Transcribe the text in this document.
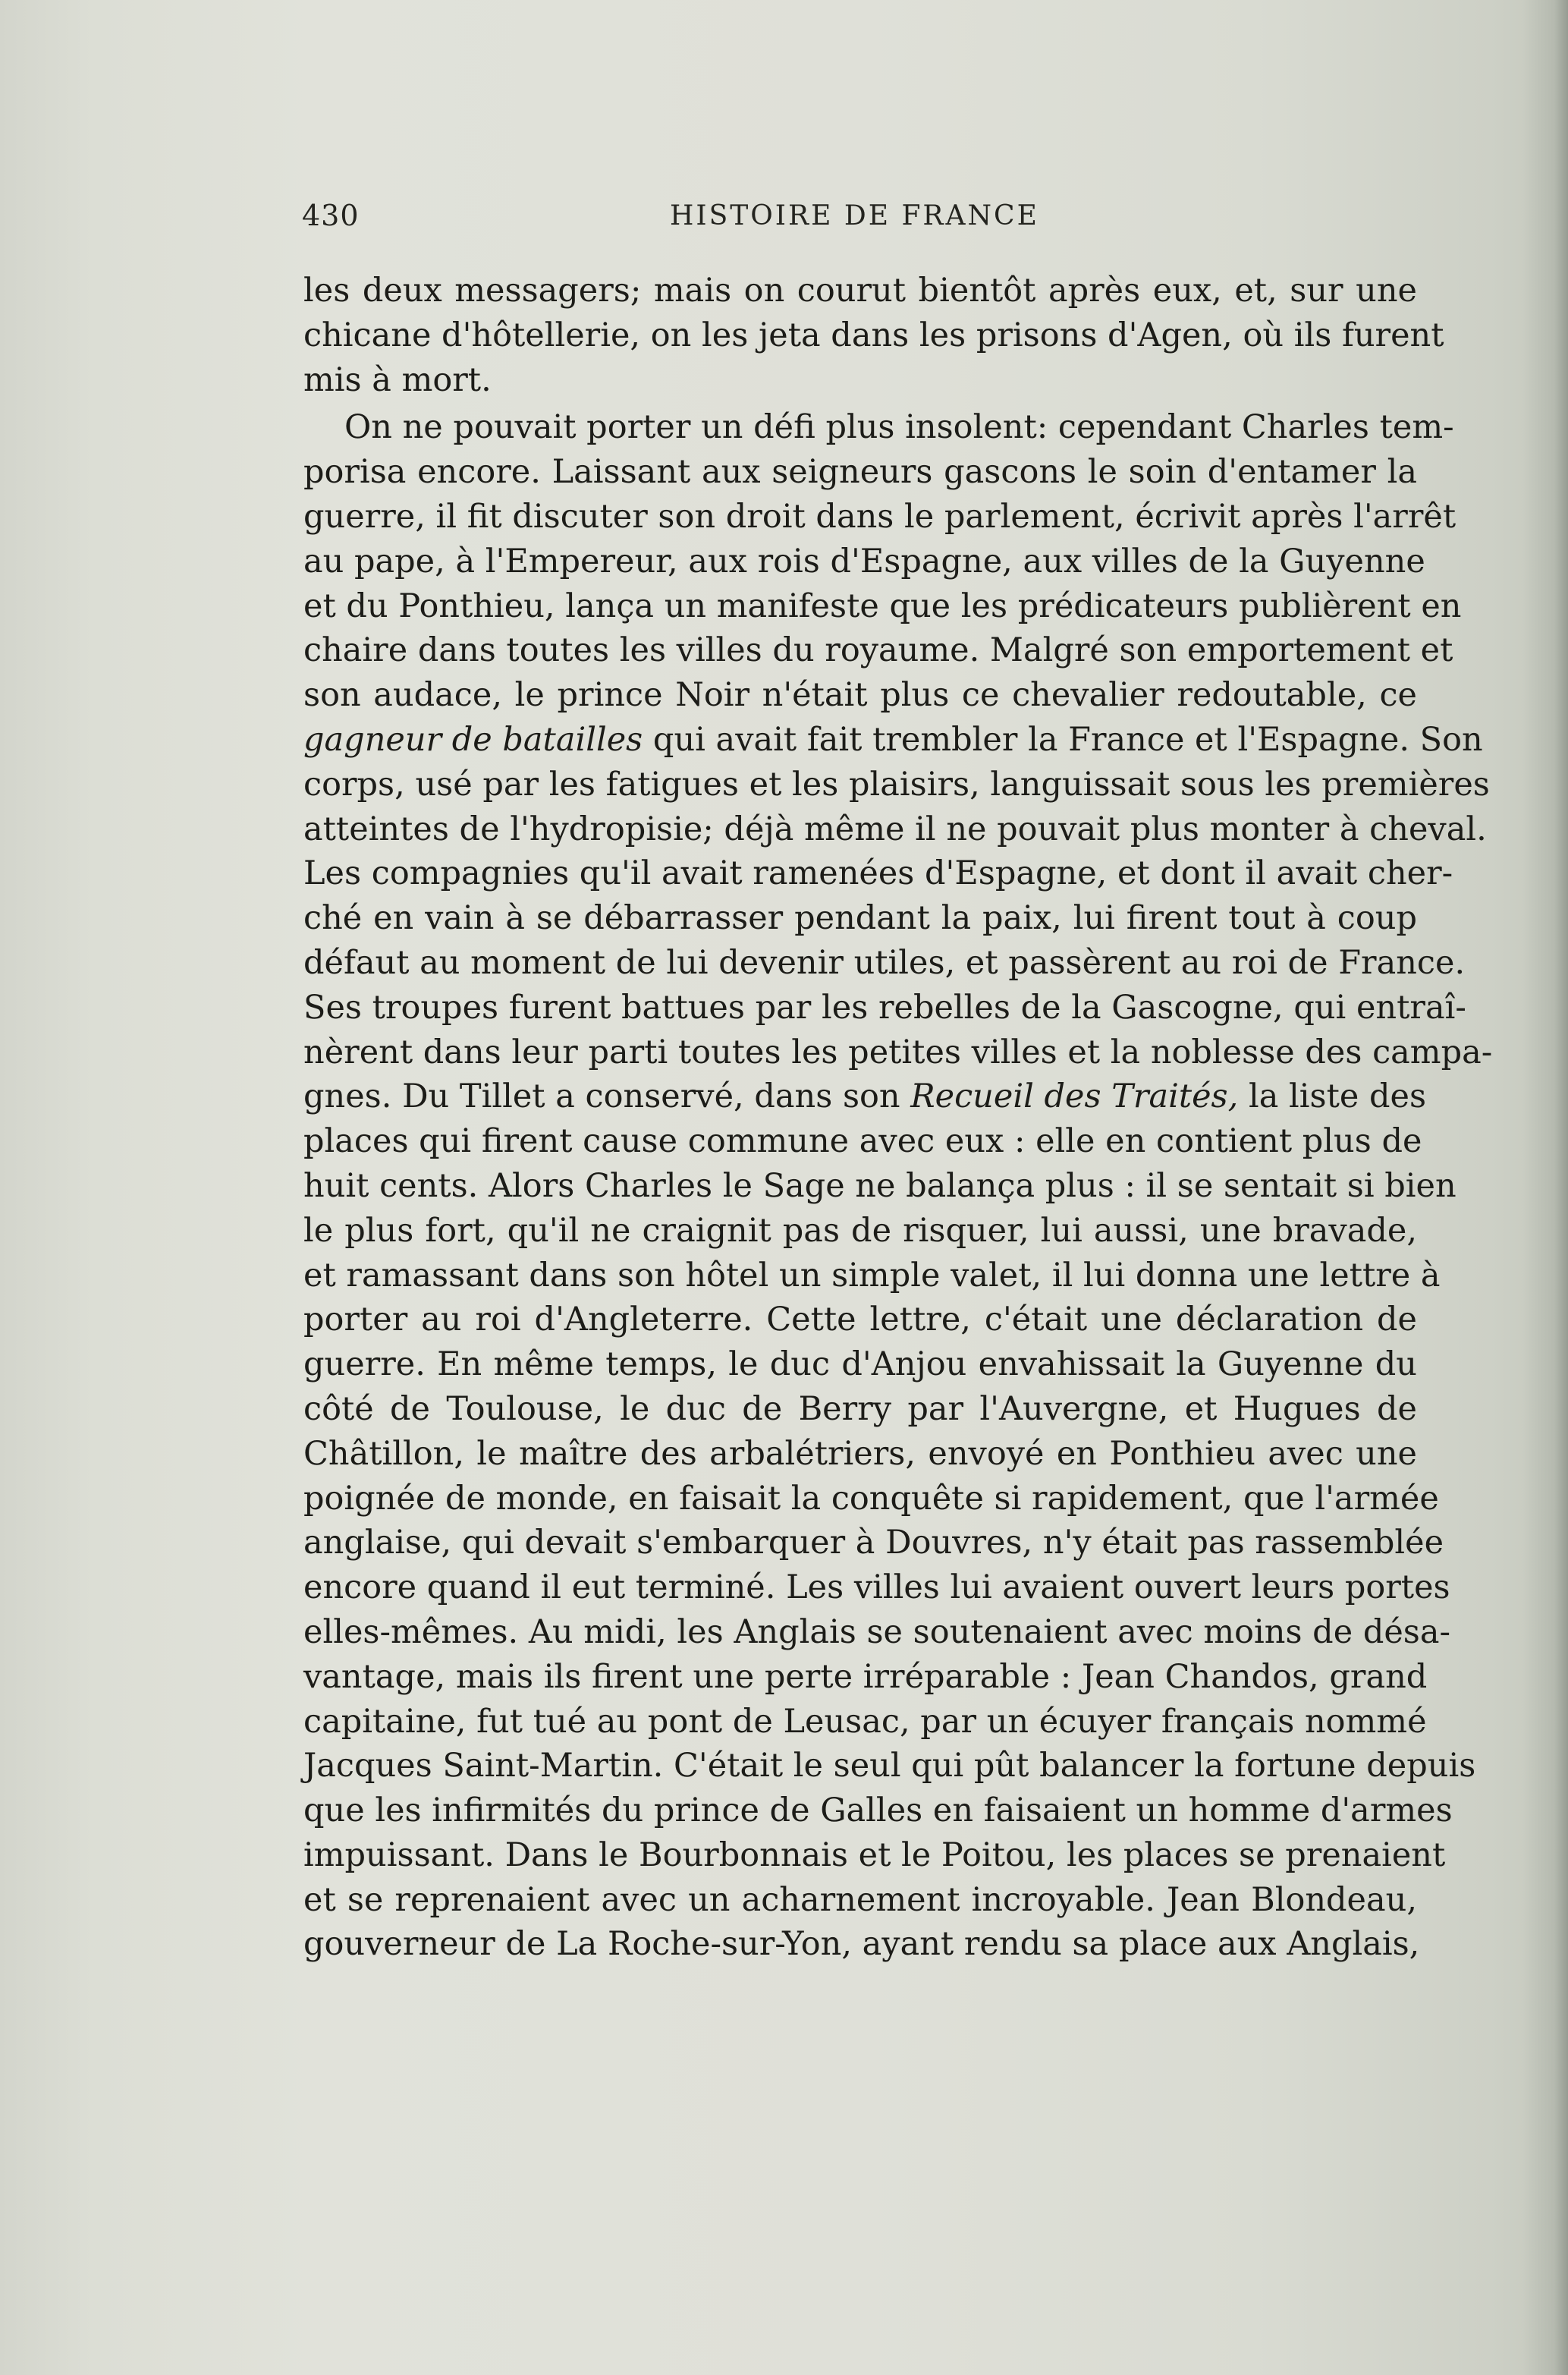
430	HISTOIRE DE FRANCE
les deux messagers; mais on courut bientôt après eux, et, sur une
chicane d'hôtellerie, on les jeta dans les prisons d'Agen, où ils furent
mis à mort.
On ne pouvait porter un défi plus insolent: cependant Charles tem-
porisa encore. Laissant aux seigneurs gascons le soin d'entamer la
guerre, il fit discuter son droit dans le parlement, écrivit après l'arrêt
au pape, à l'Empereur, aux rois d'Espagne, aux villes de la Guyenne
et du Ponthieu, lança un manifeste que les prédicateurs publièrent en
chaire dans toutes les villes du royaume. Malgré son emportement et
son audace, le prince Noir n'était plus ce chevalier redoutable, ce
gagneur de batailles qui avait fait trembler la France et l'Espagne. Son
corps, usé par les fatigues et les plaisirs, languissait sous les premières
atteintes de l'hydropisie; déjà même il ne pouvait plus monter à cheval.
Les compagnies qu'il avait ramenées d'Espagne, et dont il avait cher-
ché en vain à se débarrasser pendant la paix, lui firent tout à coup
défaut au moment de lui devenir utiles, et passèrent au roi de France.
Ses troupes furent battues par les rebelles de la Gascogne, qui entraî-
nèrent dans leur parti toutes les petites villes et la noblesse des campa-
gnes. Du Tillet a conservé, dans son Recueil des Traités, la liste des
places qui firent cause commune avec eux : elle en contient plus de
huit cents. Alors Charles le Sage ne balança plus : il se sentait si bien
le plus fort, qu'il ne craignit pas de risquer, lui aussi, une bravade,
et ramassant dans son hôtel un simple valet, il lui donna une lettre à
porter au roi d'Angleterre. Cette lettre, c'était une déclaration de
guerre. En même temps, le duc d'Anjou envahissait la Guyenne du
côté de Toulouse, le duc de Berry par l'Auvergne, et Hugues de
Châtillon, le maître des arbalétriers, envoyé en Ponthieu avec une
poignée de monde, en faisait la conquête si rapidement, que l'armée
anglaise, qui devait s'embarquer à Douvres, n'y était pas rassemblée
encore quand il eut terminé. Les villes lui avaient ouvert leurs portes
elles-mêmes. Au midi, les Anglais se soutenaient avec moins de désa-
vantage, mais ils firent une perte irréparable : Jean Chandos, grand
capitaine, fut tué au pont de Leusac, par un écuyer français nommé
Jacques Saint-Martin. C'était le seul qui pût balancer la fortune depuis
que les infirmités du prince de Galles en faisaient un homme d'armes
impuissant. Dans le Bourbonnais et le Poitou, les places se prenaient
et se reprenaient avec un acharnement incroyable. Jean Blondeau,
gouverneur de La Roche-sur-Yon, ayant rendu sa place aux Anglais,
